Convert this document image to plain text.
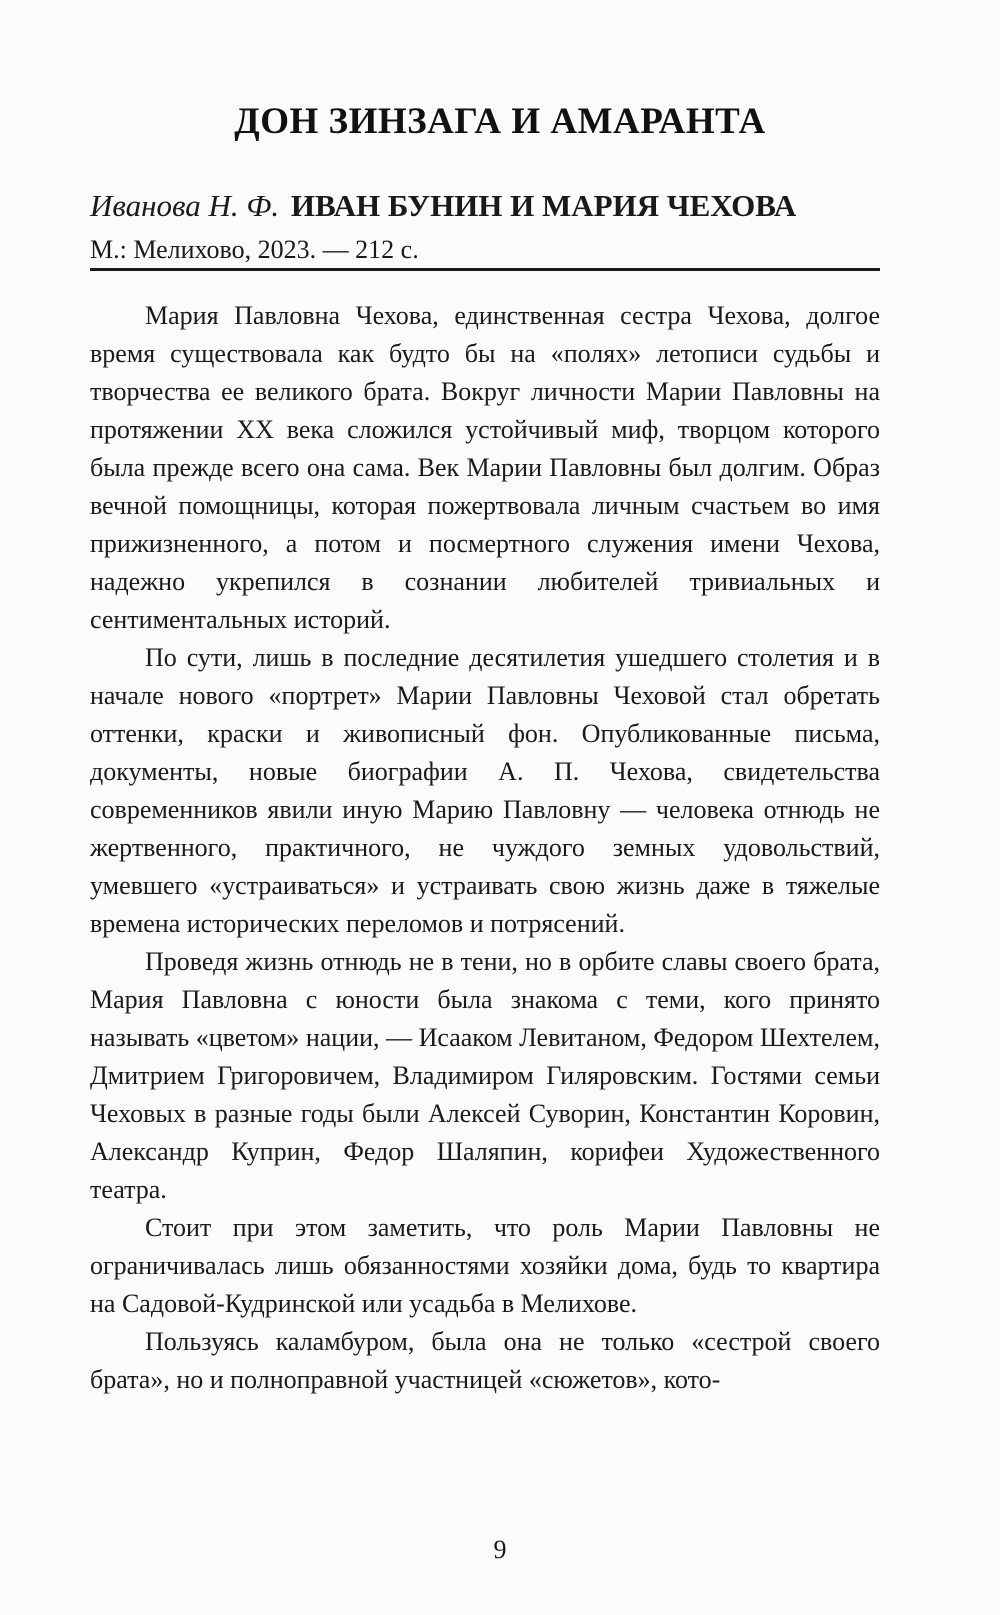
ДОН ЗИНЗАГА И АМАРАНТА
Иванова Н. Ф. ИВАН БУНИН И МАРИЯ ЧЕХОВА
М.: Мелихово, 2023. — 212 с.

Мария Павловна Чехова, единственная сестра Чехова, долгое время существовала как будто бы на «полях» летописи судьбы и творчества ее великого брата. Вокруг личности Марии Павловны на протяжении XX века сложился устойчивый миф, творцом которого была прежде всего она сама. Век Марии Павловны был долгим. Образ вечной помощницы, которая пожертвовала личным счастьем во имя прижизненного, а потом и посмертного служения имени Чехова, надежно укрепился в сознании любителей тривиальных и сентиментальных историй.

По сути, лишь в последние десятилетия ушедшего столетия и в начале нового «портрет» Марии Павловны Чеховой стал обретать оттенки, краски и живописный фон. Опубликованные письма, документы, новые биографии А. П. Чехова, свидетельства современников явили иную Марию Павловну — человека отнюдь не жертвенного, практичного, не чуждого земных удовольствий, умевшего «устраиваться» и устраивать свою жизнь даже в тяжелые времена исторических переломов и потрясений.

Проведя жизнь отнюдь не в тени, но в орбите славы своего брата, Мария Павловна с юности была знакома с теми, кого принято называть «цветом» нации, — Исааком Левитаном, Федором Шехтелем, Дмитрием Григоровичем, Владимиром Гиляровским. Гостями семьи Чеховых в разные годы были Алексей Суворин, Константин Коровин, Александр Куприн, Федор Шаляпин, корифеи Художественного театра.

Стоит при этом заметить, что роль Марии Павловны не ограничивалась лишь обязанностями хозяйки дома, будь то квартира на Садовой-Кудринской или усадьба в Мелихове.

Пользуясь каламбуром, была она не только «сестрой своего брата», но и полноправной участницей «сюжетов», кото-

9
